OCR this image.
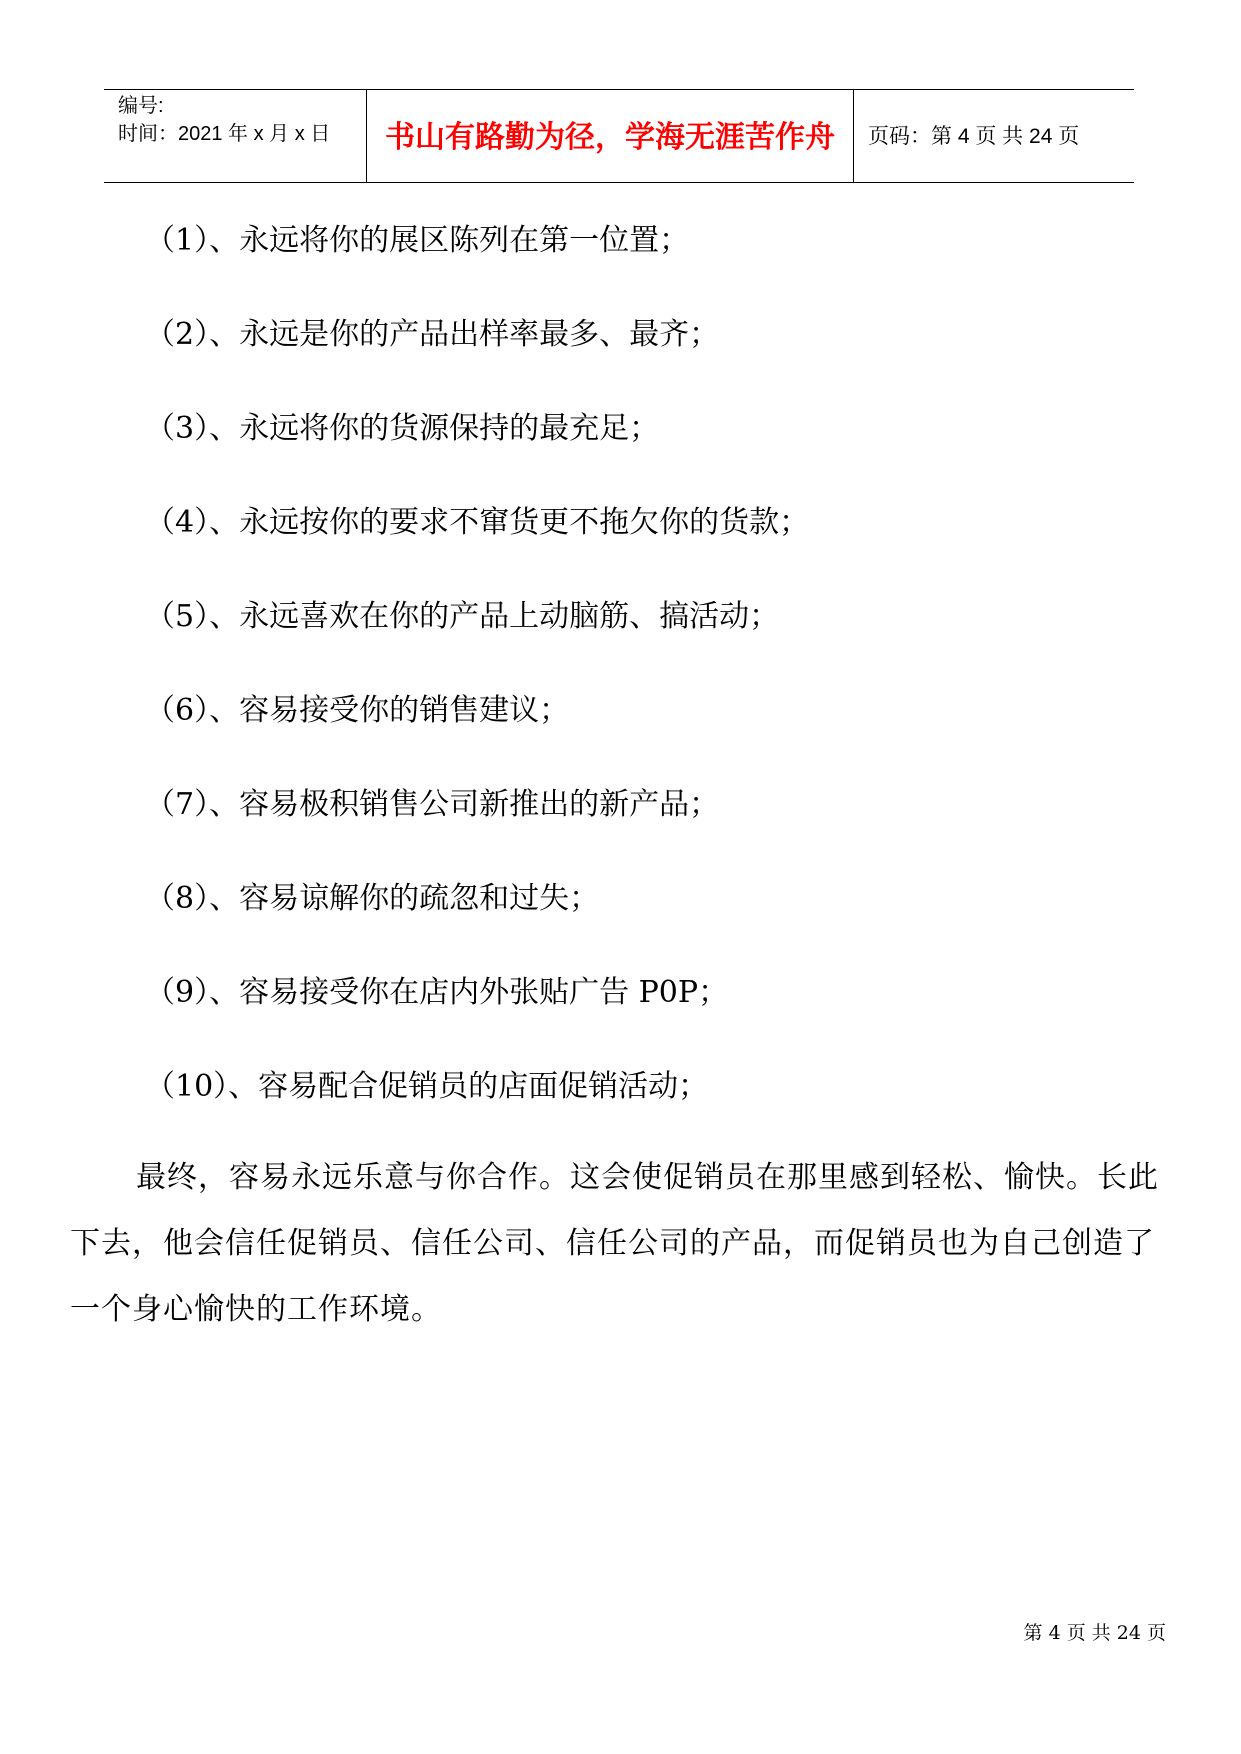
编号:
时间：2021 年 x 月 x 日	书山有路勤为径，学海无涯苦作舟	页码：第 4 页 共 24 页
（1）、永远将你的展区陈列在第一位置；
（2）、永远是你的产品出样率最多、最齐；
（3）、永远将你的货源保持的最充足；
（4）、永远按你的要求不窜货更不拖欠你的货款；
（5）、永远喜欢在你的产品上动脑筋、搞活动；
（6）、容易接受你的销售建议；
（7）、容易极积销售公司新推出的新产品；
（8）、容易谅解你的疏忽和过失；
（9）、容易接受你在店内外张贴广告 P0P；
（10）、容易配合促销员的店面促销活动；
最终，容易永远乐意与你合作。这会使促销员在那里感到轻松、愉快。长此下去，他会信任促销员、信任公司、信任公司的产品，而促销员也为自己创造了一个身心愉快的工作环境。
第 4 页 共 24 页
